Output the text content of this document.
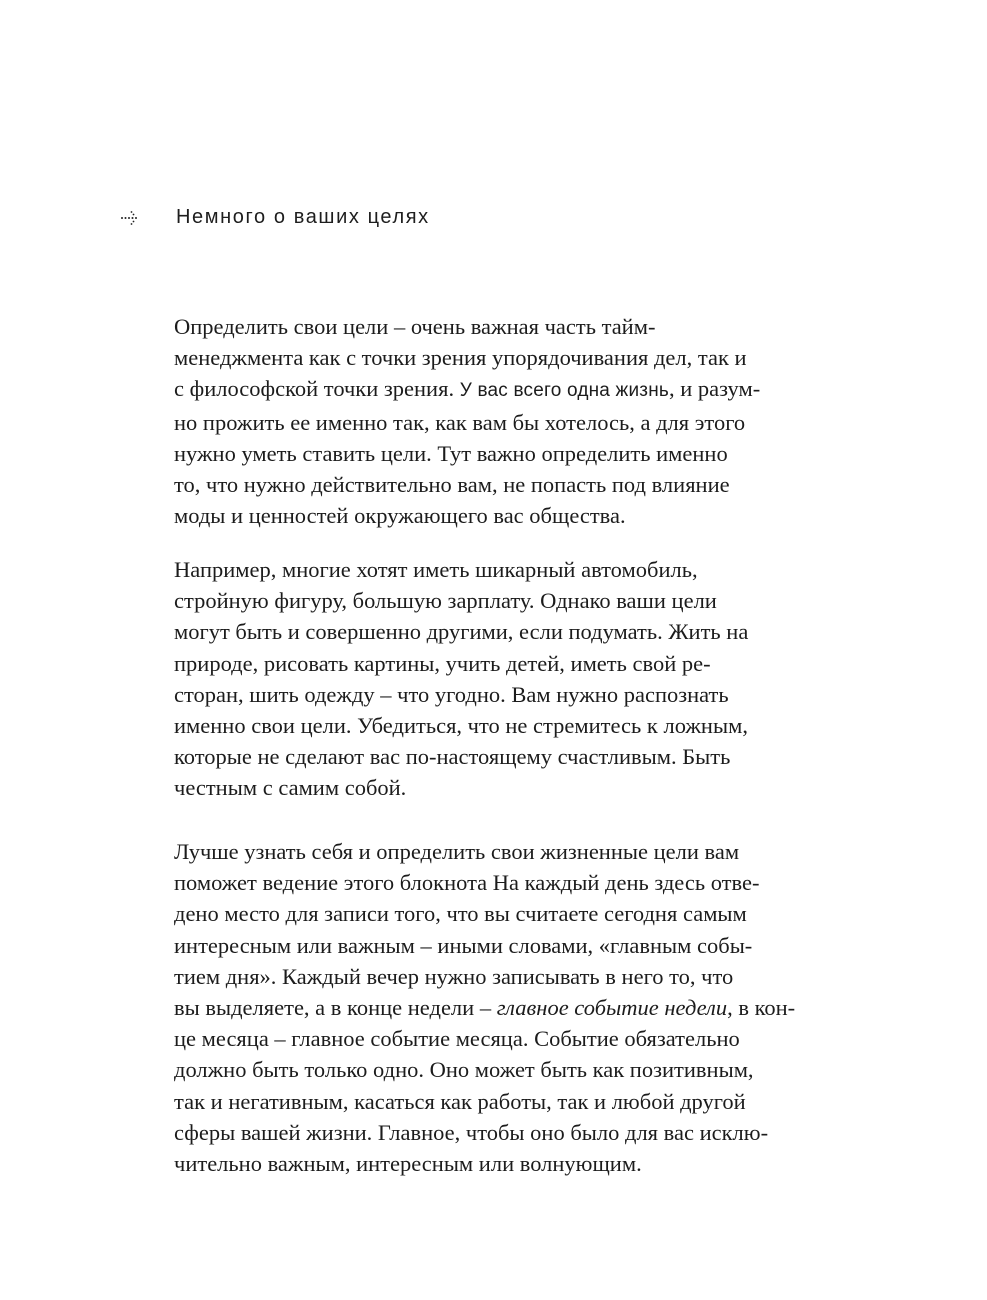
Немного о ваших целях
Определить свои цели – очень важная часть тайм-
менеджмента как с точки зрения упорядочивания дел, так и
с философской точки зрения. У вас всего одна жизнь, и разум-
но прожить ее именно так, как вам бы хотелось, а для этого
нужно уметь ставить цели. Тут важно определить именно
то, что нужно действительно вам, не попасть под влияние
моды и ценностей окружающего вас общества.
Например, многие хотят иметь шикарный автомобиль,
стройную фигуру, большую зарплату. Однако ваши цели
могут быть и совершенно другими, если подумать. Жить на
природе, рисовать картины, учить детей, иметь свой ре-
сторан, шить одежду – что угодно. Вам нужно распознать
именно свои цели. Убедиться, что не стремитесь к ложным,
которые не сделают вас по-настоящему счастливым. Быть
честным с самим собой.
Лучше узнать себя и определить свои жизненные цели вам
поможет ведение этого блокнота На каждый день здесь отве-
дено место для записи того, что вы считаете сегодня самым
интересным или важным – иными словами, «главным собы-
тием дня». Каждый вечер нужно записывать в него то, что
вы выделяете, а в конце недели – главное событие недели, в кон-
це месяца – главное событие месяца. Событие обязательно
должно быть только одно. Оно может быть как позитивным,
так и негативным, касаться как работы, так и любой другой
сферы вашей жизни. Главное, чтобы оно было для вас исклю-
чительно важным, интересным или волнующим.
